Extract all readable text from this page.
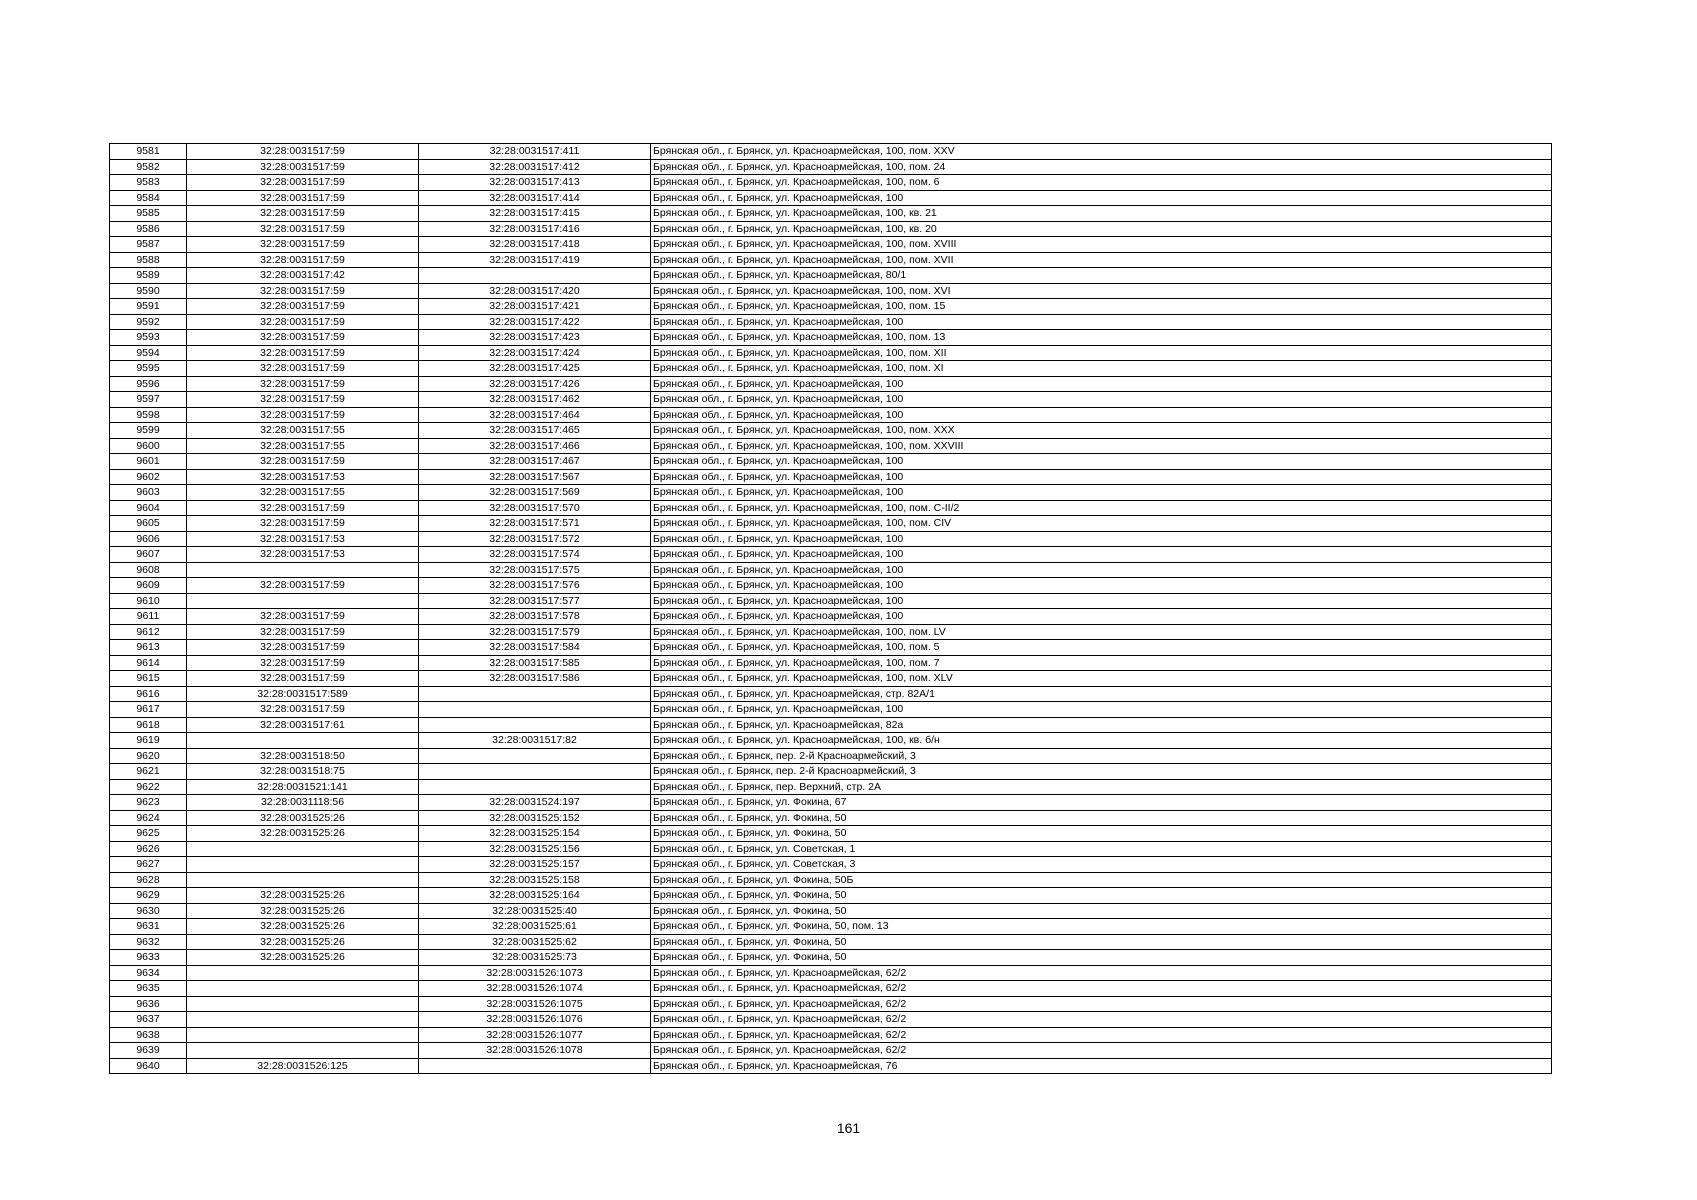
9581	32:28:0031517:59	32:28:0031517:411	Брянская обл., г. Брянск, ул. Красноармейская, 100, пом. XXV
9582	32:28:0031517:59	32:28:0031517:412	Брянская обл., г. Брянск, ул. Красноармейская, 100, пом. 24
9583	32:28:0031517:59	32:28:0031517:413	Брянская обл., г. Брянск, ул. Красноармейская, 100, пом. 6
9584	32:28:0031517:59	32:28:0031517:414	Брянская обл., г. Брянск, ул. Красноармейская, 100
9585	32:28:0031517:59	32:28:0031517:415	Брянская обл., г. Брянск, ул. Красноармейская, 100, кв. 21
9586	32:28:0031517:59	32:28:0031517:416	Брянская обл., г. Брянск, ул. Красноармейская, 100, кв. 20
9587	32:28:0031517:59	32:28:0031517:418	Брянская обл., г. Брянск, ул. Красноармейская, 100, пом. XVIII
9588	32:28:0031517:59	32:28:0031517:419	Брянская обл., г. Брянск, ул. Красноармейская, 100, пом. XVII
9589	32:28:0031517:42		Брянская обл., г. Брянск, ул. Красноармейская, 80/1
9590	32:28:0031517:59	32:28:0031517:420	Брянская обл., г. Брянск, ул. Красноармейская, 100, пом. XVI
9591	32:28:0031517:59	32:28:0031517:421	Брянская обл., г. Брянск, ул. Красноармейская, 100, пом. 15
9592	32:28:0031517:59	32:28:0031517:422	Брянская обл., г. Брянск, ул. Красноармейская, 100
9593	32:28:0031517:59	32:28:0031517:423	Брянская обл., г. Брянск, ул. Красноармейская, 100, пом. 13
9594	32:28:0031517:59	32:28:0031517:424	Брянская обл., г. Брянск, ул. Красноармейская, 100, пом. XII
9595	32:28:0031517:59	32:28:0031517:425	Брянская обл., г. Брянск, ул. Красноармейская, 100, пом. XI
9596	32:28:0031517:59	32:28:0031517:426	Брянская обл., г. Брянск, ул. Красноармейская, 100
9597	32:28:0031517:59	32:28:0031517:462	Брянская обл., г. Брянск, ул. Красноармейская, 100
9598	32:28:0031517:59	32:28:0031517:464	Брянская обл., г. Брянск, ул. Красноармейская, 100
9599	32:28:0031517:55	32:28:0031517:465	Брянская обл., г. Брянск, ул. Красноармейская, 100, пом. XXX
9600	32:28:0031517:55	32:28:0031517:466	Брянская обл., г. Брянск, ул. Красноармейская, 100, пом. XXVIII
9601	32:28:0031517:59	32:28:0031517:467	Брянская обл., г. Брянск, ул. Красноармейская, 100
9602	32:28:0031517:53	32:28:0031517:567	Брянская обл., г. Брянск, ул. Красноармейская, 100
9603	32:28:0031517:55	32:28:0031517:569	Брянская обл., г. Брянск, ул. Красноармейская, 100
9604	32:28:0031517:59	32:28:0031517:570	Брянская обл., г. Брянск, ул. Красноармейская, 100, пом. С-II/2
9605	32:28:0031517:59	32:28:0031517:571	Брянская обл., г. Брянск, ул. Красноармейская, 100, пом. CIV
9606	32:28:0031517:53	32:28:0031517:572	Брянская обл., г. Брянск, ул. Красноармейская, 100
9607	32:28:0031517:53	32:28:0031517:574	Брянская обл., г. Брянск, ул. Красноармейская, 100
9608		32:28:0031517:575	Брянская обл., г. Брянск, ул. Красноармейская, 100
9609	32:28:0031517:59	32:28:0031517:576	Брянская обл., г. Брянск, ул. Красноармейская, 100
9610		32:28:0031517:577	Брянская обл., г. Брянск, ул. Красноармейская, 100
9611	32:28:0031517:59	32:28:0031517:578	Брянская обл., г. Брянск, ул. Красноармейская, 100
9612	32:28:0031517:59	32:28:0031517:579	Брянская обл., г. Брянск, ул. Красноармейская, 100, пом. LV
9613	32:28:0031517:59	32:28:0031517:584	Брянская обл., г. Брянск, ул. Красноармейская, 100, пом. 5
9614	32:28:0031517:59	32:28:0031517:585	Брянская обл., г. Брянск, ул. Красноармейская, 100, пом. 7
9615	32:28:0031517:59	32:28:0031517:586	Брянская обл., г. Брянск, ул. Красноармейская, 100, пом. XLV
9616	32:28:0031517:589		Брянская обл., г. Брянск, ул. Красноармейская, стр. 82А/1
9617	32:28:0031517:59		Брянская обл., г. Брянск, ул. Красноармейская, 100
9618	32:28:0031517:61		Брянская обл., г. Брянск, ул. Красноармейская, 82а
9619		32:28:0031517:82	Брянская обл., г. Брянск, ул. Красноармейская, 100, кв. б/н
9620	32:28:0031518:50		Брянская обл., г. Брянск, пер. 2-й Красноармейский, 3
9621	32:28:0031518:75		Брянская обл., г. Брянск, пер. 2-й Красноармейский, 3
9622	32:28:0031521:141		Брянская обл., г. Брянск, пер. Верхний, стр. 2А
9623	32:28:0031118:56	32:28:0031524:197	Брянская обл., г. Брянск, ул. Фокина, 67
9624	32:28:0031525:26	32:28:0031525:152	Брянская обл., г. Брянск, ул. Фокина, 50
9625	32:28:0031525:26	32:28:0031525:154	Брянская обл., г. Брянск, ул. Фокина, 50
9626		32:28:0031525:156	Брянская обл., г. Брянск, ул. Советская, 1
9627		32:28:0031525:157	Брянская обл., г. Брянск, ул. Советская, 3
9628		32:28:0031525:158	Брянская обл., г. Брянск, ул. Фокина, 50Б
9629	32:28:0031525:26	32:28:0031525:164	Брянская обл., г. Брянск, ул. Фокина, 50
9630	32:28:0031525:26	32:28:0031525:40	Брянская обл., г. Брянск, ул. Фокина, 50
9631	32:28:0031525:26	32:28:0031525:61	Брянская обл., г. Брянск, ул. Фокина, 50, пом. 13
9632	32:28:0031525:26	32:28:0031525:62	Брянская обл., г. Брянск, ул. Фокина, 50
9633	32:28:0031525:26	32:28:0031525:73	Брянская обл., г. Брянск, ул. Фокина, 50
9634		32:28:0031526:1073	Брянская обл., г. Брянск, ул. Красноармейская, 62/2
9635		32:28:0031526:1074	Брянская обл., г. Брянск, ул. Красноармейская, 62/2
9636		32:28:0031526:1075	Брянская обл., г. Брянск, ул. Красноармейская, 62/2
9637		32:28:0031526:1076	Брянская обл., г. Брянск, ул. Красноармейская, 62/2
9638		32:28:0031526:1077	Брянская обл., г. Брянск, ул. Красноармейская, 62/2
9639		32:28:0031526:1078	Брянская обл., г. Брянск, ул. Красноармейская, 62/2
9640	32:28:0031526:125		Брянская обл., г. Брянск, ул. Красноармейская, 76
161
